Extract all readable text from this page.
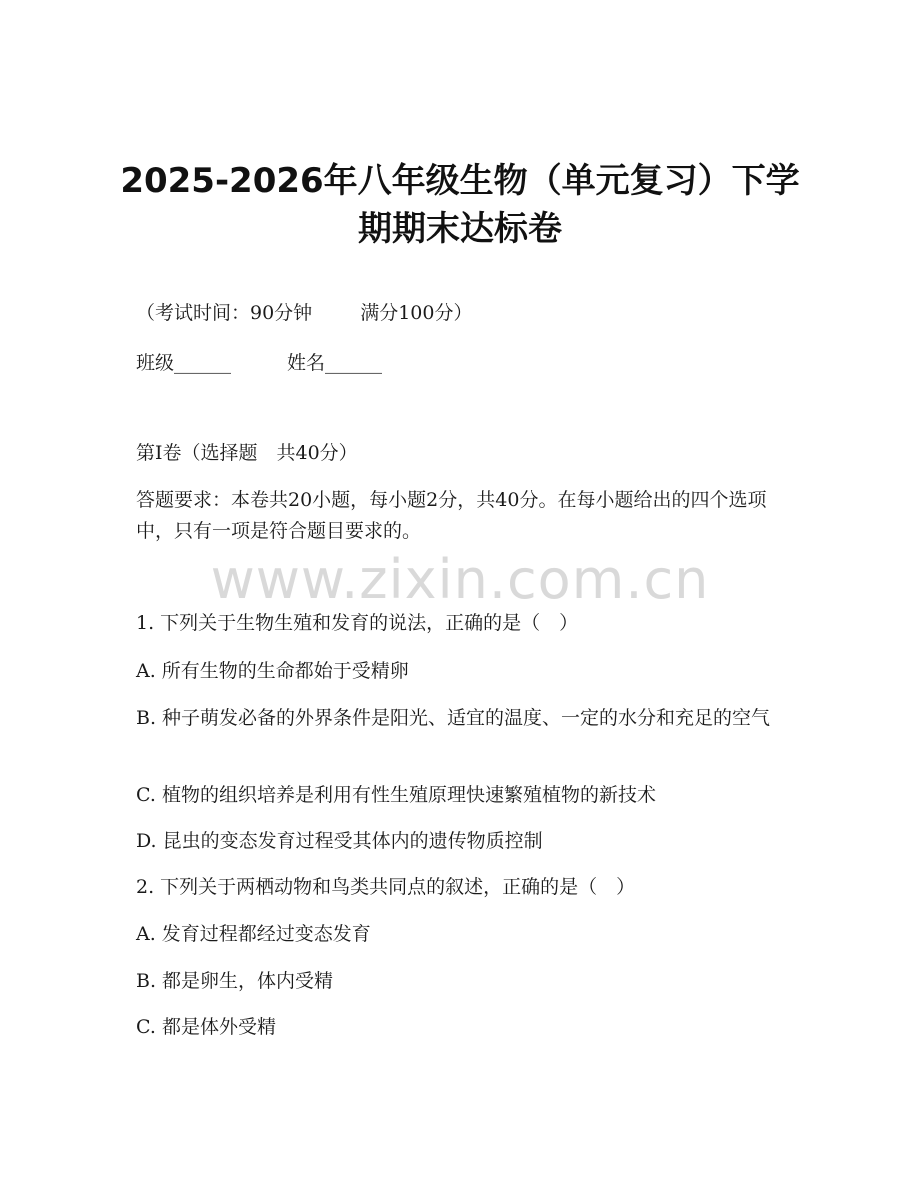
2025-2026年八年级生物（单元复习）下学
期期末达标卷
（考试时间：90分钟	满分100分）
班级______	姓名______
第I卷（选择题　共40分）
答题要求：本卷共20小题，每小题2分，共40分。在每小题给出的四个选项中，只有一项是符合题目要求的。
www.zixin.com.cn
1. 下列关于生物生殖和发育的说法，正确的是（　）
A. 所有生物的生命都始于受精卵
B. 种子萌发必备的外界条件是阳光、适宜的温度、一定的水分和充足的空气
C. 植物的组织培养是利用有性生殖原理快速繁殖植物的新技术
D. 昆虫的变态发育过程受其体内的遗传物质控制
2. 下列关于两栖动物和鸟类共同点的叙述，正确的是（　）
A. 发育过程都经过变态发育
B. 都是卵生，体内受精
C. 都是体外受精
